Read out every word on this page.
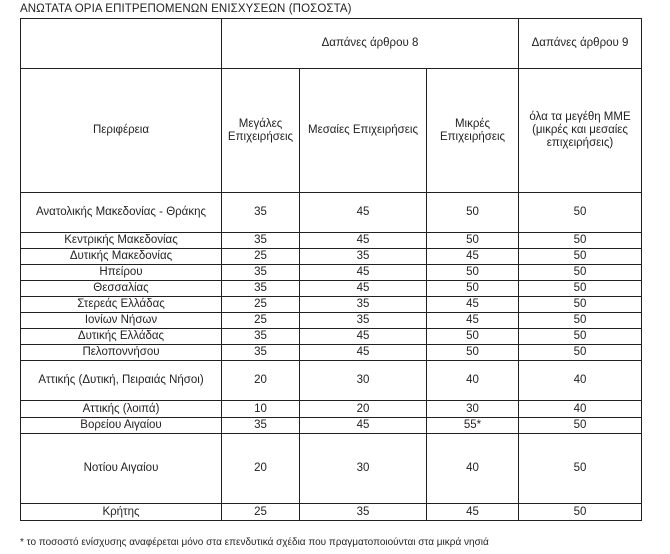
ΑΝΩΤΑΤΑ ΟΡΙΑ ΕΠΙΤΡΕΠΟΜΕΝΩΝ ΕΝΙΣΧΥΣΕΩΝ (ΠΟΣΟΣΤΑ)
	Δαπάνες άρθρου 8			Δαπάνες άρθρου 9
Περιφέρεια	Μεγάλες Επιχειρήσεις	Μεσαίες Επιχειρήσεις	Μικρές Επιχειρήσεις	όλα τα μεγέθη ΜΜΕ (μικρές και μεσαίες επιχειρήσεις)
Ανατολικής Μακεδονίας - Θράκης	35	45	50	50
Κεντρικής Μακεδονίας	35	45	50	50
Δυτικής Μακεδονίας	25	35	45	50
Ηπείρου	35	45	50	50
Θεσσαλίας	35	45	50	50
Στερεάς Ελλάδας	25	35	45	50
Ιονίων Νήσων	25	35	45	50
Δυτικής Ελλάδας	35	45	50	50
Πελοποννήσου	35	45	50	50
Αττικής (Δυτική, Πειραιάς Νήσοι)	20	30	40	40
Αττικής (λοιπά)	10	20	30	40
Βορείου Αιγαίου	35	45	55*	50
Νοτίου Αιγαίου	20	30	40	50
Κρήτης	25	35	45	50
* το ποσοστό ενίσχυσης αναφέρεται μόνο στα επενδυτικά σχέδια που πραγματοποιούνται στα μικρά νησιά
